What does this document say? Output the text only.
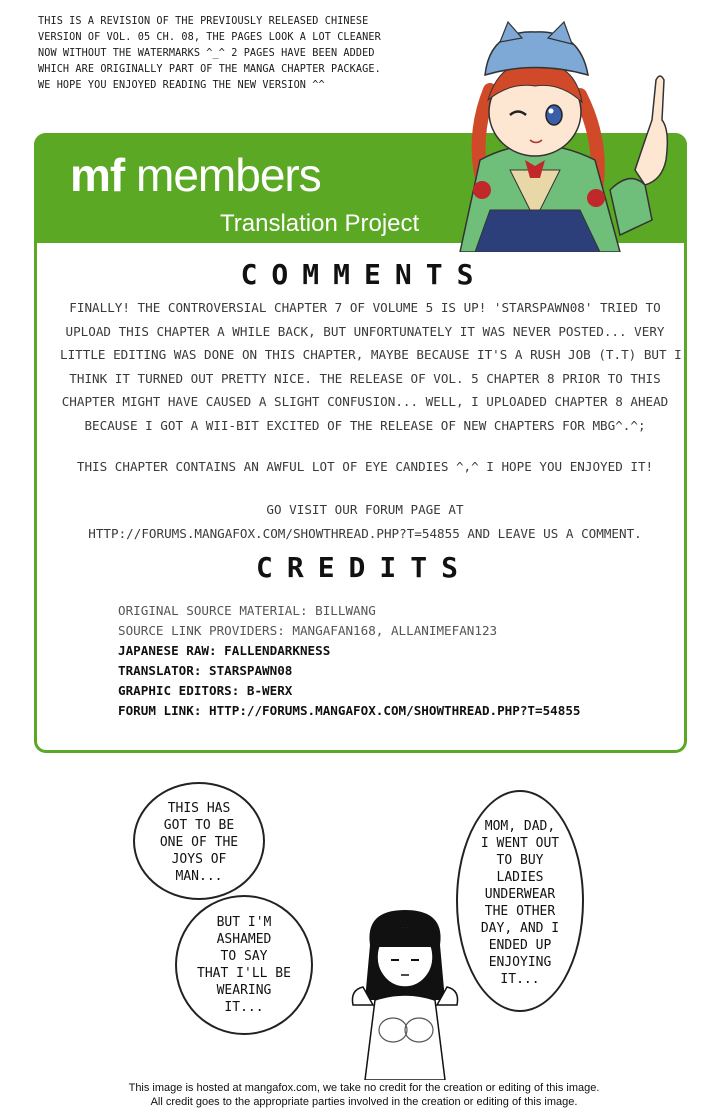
THIS IS A REVISION OF THE PREVIOUSLY RELEASED CHINESE
VERSION OF VOL. 05 CH. 08, THE PAGES LOOK A LOT CLEANER
NOW WITHOUT THE WATERMARKS ^_^ 2 PAGES HAVE BEEN ADDED
WHICH ARE ORIGINALLY PART OF THE MANGA CHAPTER PACKAGE.
WE HOPE YOU ENJOYED READING THE NEW VERSION ^^
mf members
Translation Project
COMMENTS
FINALLY! THE CONTROVERSIAL CHAPTER 7 OF VOLUME 5 IS UP! 'STARSPAWN08' TRIED TO
UPLOAD THIS CHAPTER A WHILE BACK, BUT UNFORTUNATELY IT WAS NEVER POSTED... VERY
LITTLE EDITING WAS DONE ON THIS CHAPTER, MAYBE BECAUSE IT'S A RUSH JOB (T.T) BUT I
THINK IT TURNED OUT PRETTY NICE. THE RELEASE OF VOL. 5 CHAPTER 8 PRIOR TO THIS
CHAPTER MIGHT HAVE CAUSED A SLIGHT CONFUSION... WELL, I UPLOADED CHAPTER 8 AHEAD
BECAUSE I GOT A WII-BIT EXCITED OF THE RELEASE OF NEW CHAPTERS FOR MBG^.^;
THIS CHAPTER CONTAINS AN AWFUL LOT OF EYE CANDIES ^,^ I HOPE YOU ENJOYED IT!
GO VISIT OUR FORUM PAGE AT
HTTP://FORUMS.MANGAFOX.COM/SHOWTHREAD.PHP?T=54855 AND LEAVE US A COMMENT.
CREDITS
ORIGINAL SOURCE MATERIAL: BILLWANG
SOURCE LINK PROVIDERS: MANGAFAN168, ALLANIMEFAN123
JAPANESE RAW: FALLENDARKNESS
TRANSLATOR: STARSPAWN08
GRAPHIC EDITORS: B-WERX
FORUM LINK: HTTP://FORUMS.MANGAFOX.COM/SHOWTHREAD.PHP?T=54855
THIS HAS
GOT TO BE
ONE OF THE
JOYS OF
MAN...
BUT I'M
ASHAMED
TO SAY
THAT I'LL BE
WEARING
IT...
MOM, DAD,
I WENT OUT
TO BUY
LADIES
UNDERWEAR
THE OTHER
DAY, AND I
ENDED UP
ENJOYING
IT...
This image is hosted at mangafox.com, we take no credit for the creation or editing of this image.
All credit goes to the appropriate parties involved in the creation or editing of this image.
